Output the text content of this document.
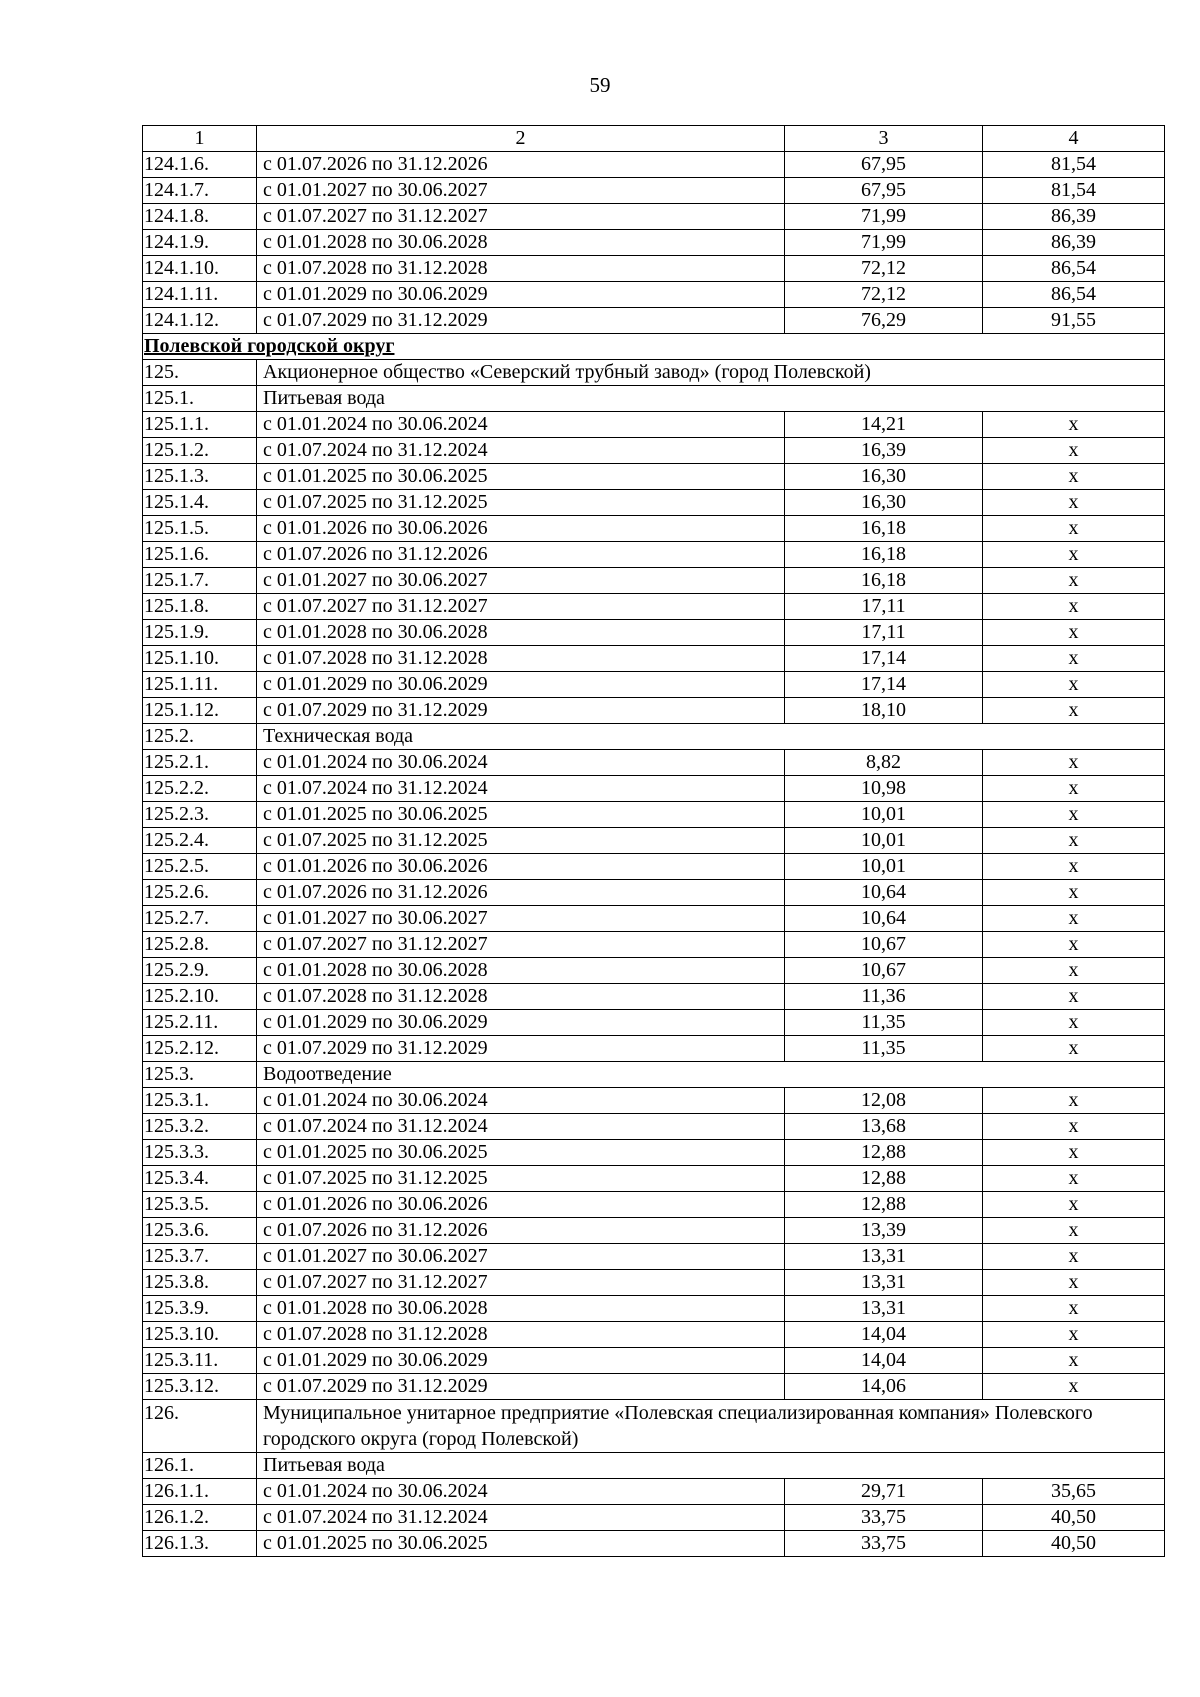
59
1	2	3	4
124.1.6.	с 01.07.2026 по 31.12.2026	67,95	81,54
124.1.7.	с 01.01.2027 по 30.06.2027	67,95	81,54
124.1.8.	с 01.07.2027 по 31.12.2027	71,99	86,39
124.1.9.	с 01.01.2028 по 30.06.2028	71,99	86,39
124.1.10.	с 01.07.2028 по 31.12.2028	72,12	86,54
124.1.11.	с 01.01.2029 по 30.06.2029	72,12	86,54
124.1.12.	с 01.07.2029 по 31.12.2029	76,29	91,55
Полевской городской округ			
125.	Акционерное общество «Северский трубный завод» (город Полевской)		
125.1.	Питьевая вода		
125.1.1.	с 01.01.2024 по 30.06.2024	14,21	х
125.1.2.	с 01.07.2024 по 31.12.2024	16,39	х
125.1.3.	с 01.01.2025 по 30.06.2025	16,30	х
125.1.4.	с 01.07.2025 по 31.12.2025	16,30	х
125.1.5.	с 01.01.2026 по 30.06.2026	16,18	х
125.1.6.	с 01.07.2026 по 31.12.2026	16,18	х
125.1.7.	с 01.01.2027 по 30.06.2027	16,18	х
125.1.8.	с 01.07.2027 по 31.12.2027	17,11	х
125.1.9.	с 01.01.2028 по 30.06.2028	17,11	х
125.1.10.	с 01.07.2028 по 31.12.2028	17,14	х
125.1.11.	с 01.01.2029 по 30.06.2029	17,14	х
125.1.12.	с 01.07.2029 по 31.12.2029	18,10	х
125.2.	Техническая вода		
125.2.1.	с 01.01.2024 по 30.06.2024	8,82	х
125.2.2.	с 01.07.2024 по 31.12.2024	10,98	х
125.2.3.	с 01.01.2025 по 30.06.2025	10,01	х
125.2.4.	с 01.07.2025 по 31.12.2025	10,01	х
125.2.5.	с 01.01.2026 по 30.06.2026	10,01	х
125.2.6.	с 01.07.2026 по 31.12.2026	10,64	х
125.2.7.	с 01.01.2027 по 30.06.2027	10,64	х
125.2.8.	с 01.07.2027 по 31.12.2027	10,67	х
125.2.9.	с 01.01.2028 по 30.06.2028	10,67	х
125.2.10.	с 01.07.2028 по 31.12.2028	11,36	х
125.2.11.	с 01.01.2029 по 30.06.2029	11,35	х
125.2.12.	с 01.07.2029 по 31.12.2029	11,35	х
125.3.	Водоотведение		
125.3.1.	с 01.01.2024 по 30.06.2024	12,08	х
125.3.2.	с 01.07.2024 по 31.12.2024	13,68	х
125.3.3.	с 01.01.2025 по 30.06.2025	12,88	х
125.3.4.	с 01.07.2025 по 31.12.2025	12,88	х
125.3.5.	с 01.01.2026 по 30.06.2026	12,88	х
125.3.6.	с 01.07.2026 по 31.12.2026	13,39	х
125.3.7.	с 01.01.2027 по 30.06.2027	13,31	х
125.3.8.	с 01.07.2027 по 31.12.2027	13,31	х
125.3.9.	с 01.01.2028 по 30.06.2028	13,31	х
125.3.10.	с 01.07.2028 по 31.12.2028	14,04	х
125.3.11.	с 01.01.2029 по 30.06.2029	14,04	х
125.3.12.	с 01.07.2029 по 31.12.2029	14,06	х
126.	Муниципальное унитарное предприятие «Полевская специализированная компания» Полевского городского округа (город Полевской)		
126.1.	Питьевая вода		
126.1.1.	с 01.01.2024 по 30.06.2024	29,71	35,65
126.1.2.	с 01.07.2024 по 31.12.2024	33,75	40,50
126.1.3.	с 01.01.2025 по 30.06.2025	33,75	40,50
